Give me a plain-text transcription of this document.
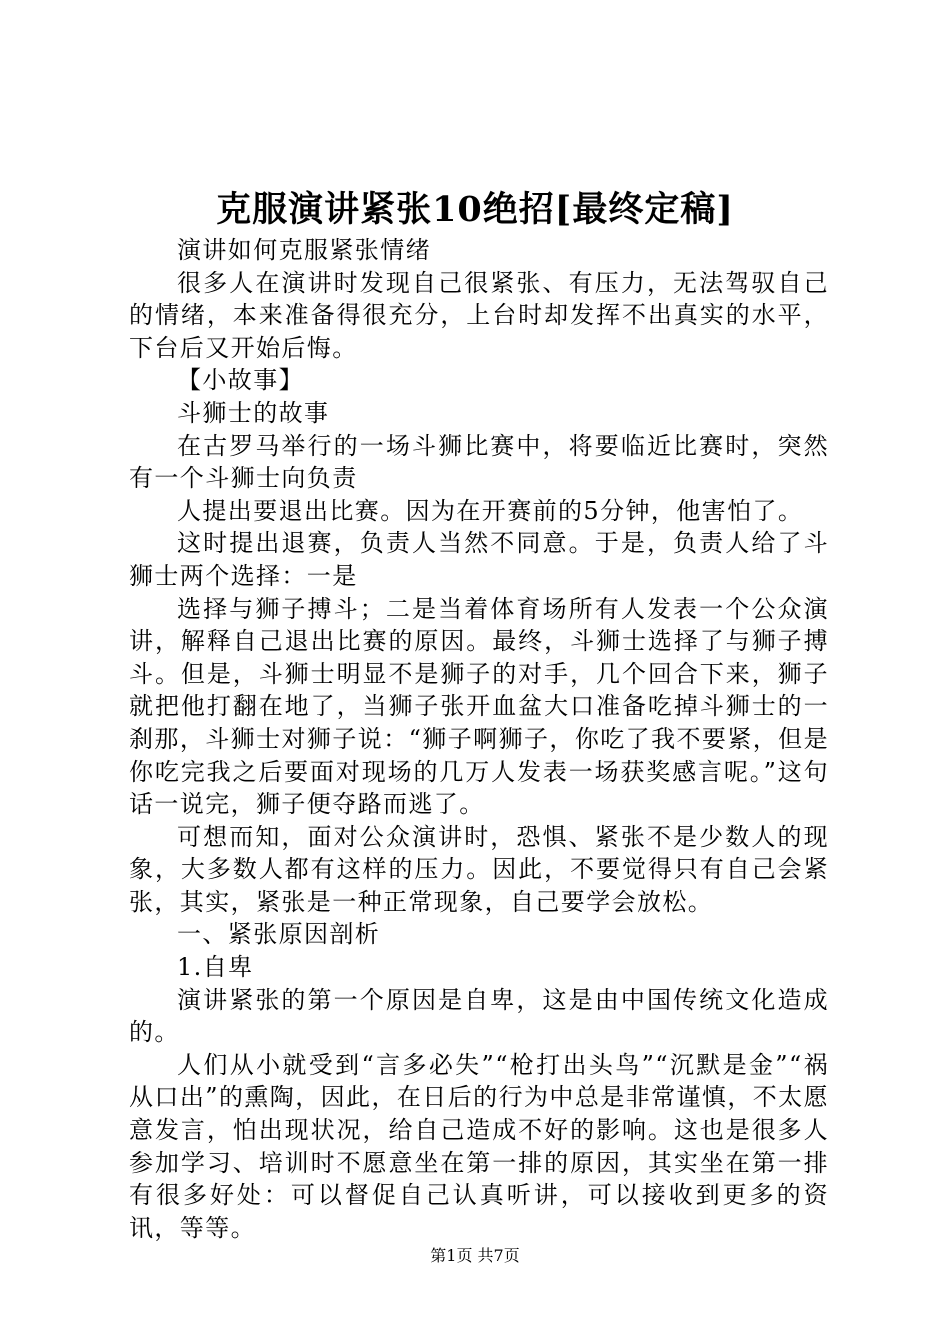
克服演讲紧张10绝招[最终定稿]

演讲如何克服紧张情绪

很多人在演讲时发现自己很紧张、有压力，无法驾驭自己的情绪，本来准备得很充分，上台时却发挥不出真实的水平，下台后又开始后悔。

【小故事】

斗狮士的故事

在古罗马举行的一场斗狮比赛中，将要临近比赛时，突然有一个斗狮士向负责

人提出要退出比赛。因为在开赛前的5分钟，他害怕了。

这时提出退赛，负责人当然不同意。于是，负责人给了斗狮士两个选择：一是

选择与狮子搏斗；二是当着体育场所有人发表一个公众演讲，解释自己退出比赛的原因。最终，斗狮士选择了与狮子搏斗。但是，斗狮士明显不是狮子的对手，几个回合下来，狮子就把他打翻在地了，当狮子张开血盆大口准备吃掉斗狮士的一刹那，斗狮士对狮子说：“狮子啊狮子，你吃了我不要紧，但是你吃完我之后要面对现场的几万人发表一场获奖感言呢。”这句话一说完，狮子便夺路而逃了。

可想而知，面对公众演讲时，恐惧、紧张不是少数人的现象，大多数人都有这样的压力。因此，不要觉得只有自己会紧张，其实，紧张是一种正常现象，自己要学会放松。

一、紧张原因剖析

1.自卑

演讲紧张的第一个原因是自卑，这是由中国传统文化造成的。

人们从小就受到“言多必失”“枪打出头鸟”“沉默是金”“祸从口出”的熏陶，因此，在日后的行为中总是非常谨慎，不太愿意发言，怕出现状况，给自己造成不好的影响。这也是很多人参加学习、培训时不愿意坐在第一排的原因，其实坐在第一排有很多好处：可以督促自己认真听讲，可以接收到更多的资讯，等等。

第1页 共7页
